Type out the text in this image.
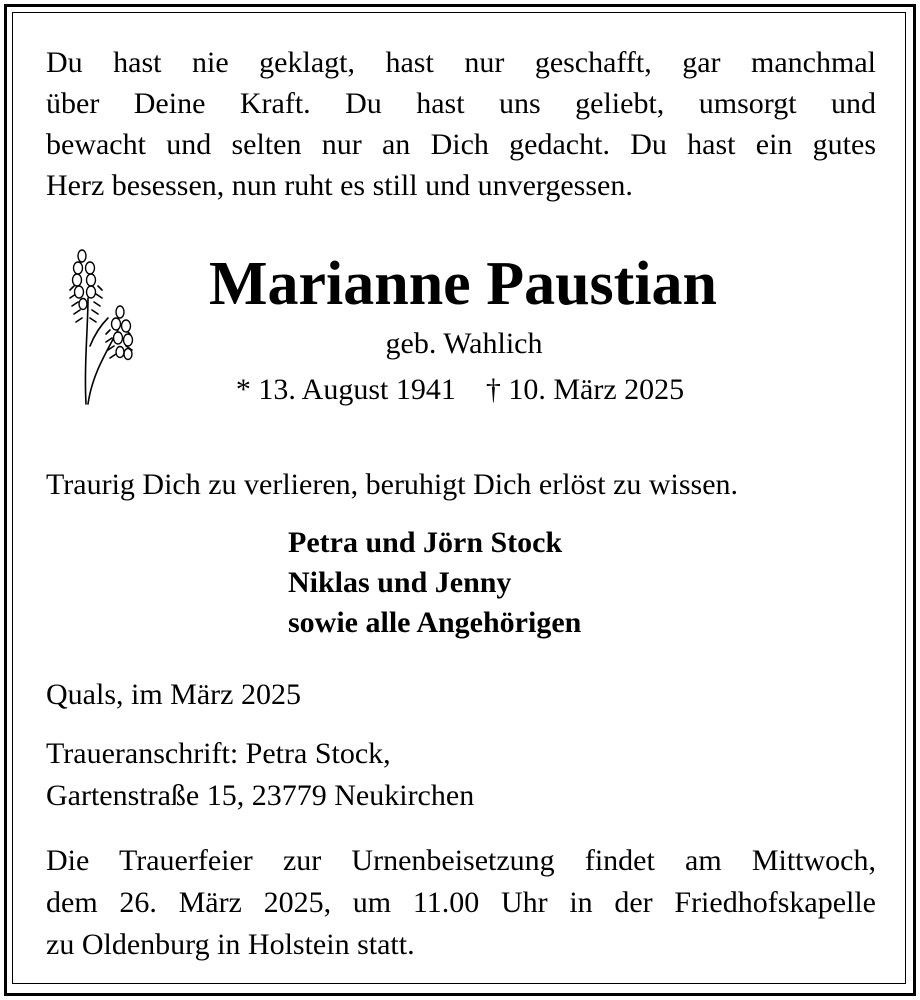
Du hast nie geklagt, hast nur geschafft, gar manchmal
über Deine Kraft. Du hast uns geliebt, umsorgt und
bewacht und selten nur an Dich gedacht. Du hast ein gutes
Herz besessen, nun ruht es still und unvergessen.
Marianne Paustian
geb. Wahlich
* 13. August 1941    † 10. März 2025
Traurig Dich zu verlieren, beruhigt Dich erlöst zu wissen.
Petra und Jörn Stock
Niklas und Jenny
sowie alle Angehörigen
Quals, im März 2025
Traueranschrift: Petra Stock,
Gartenstraße 15, 23779 Neukirchen
Die Trauerfeier zur Urnenbeisetzung findet am Mittwoch,
dem 26. März 2025, um 11.00 Uhr in der Friedhofskapelle
zu Oldenburg in Holstein statt.
